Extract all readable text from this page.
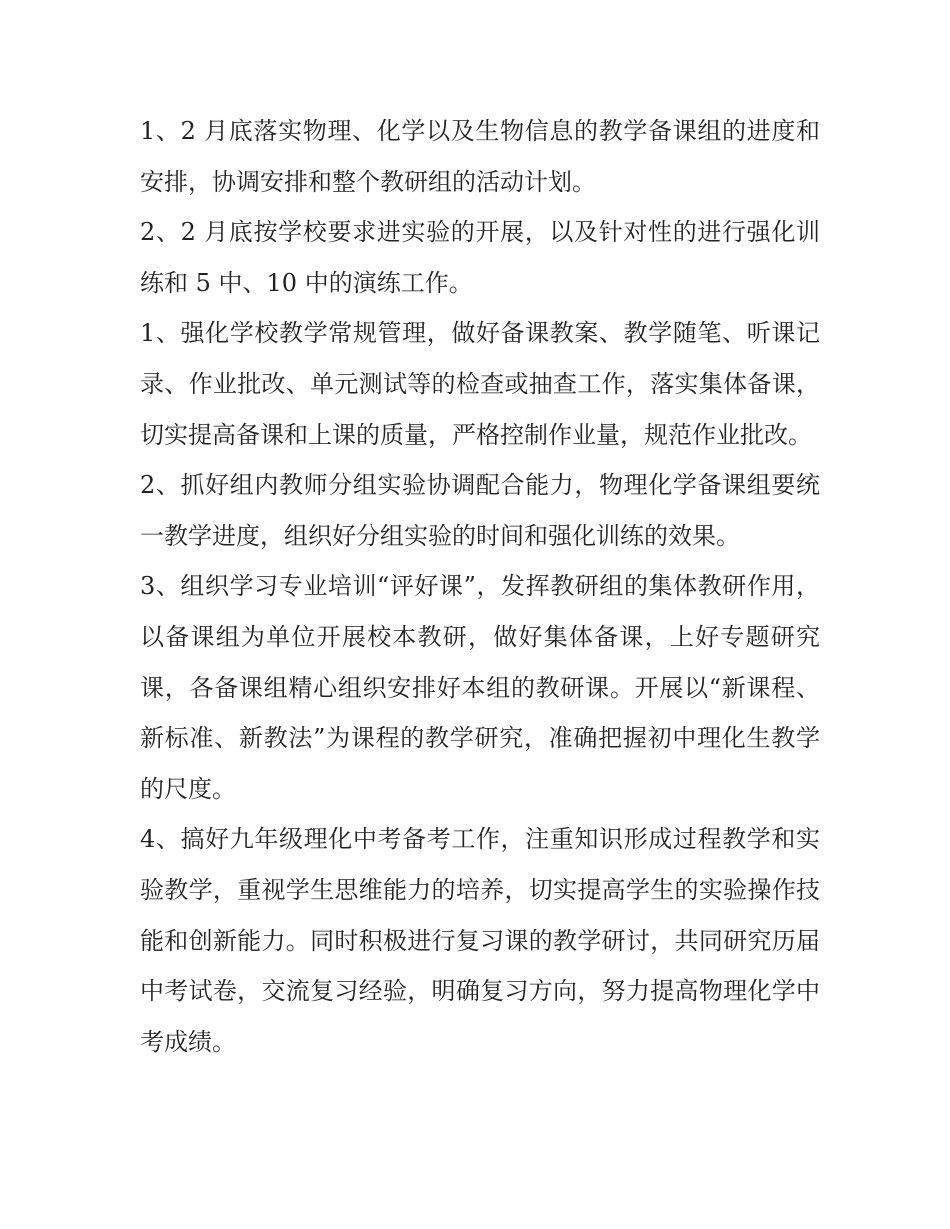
1、2 月底落实物理、化学以及生物信息的教学备课组的进度和安排，协调安排和整个教研组的活动计划。

2、2 月底按学校要求进实验的开展，以及针对性的进行强化训练和 5 中、10 中的演练工作。

1、强化学校教学常规管理，做好备课教案、教学随笔、听课记录、作业批改、单元测试等的检查或抽查工作，落实集体备课，切实提高备课和上课的质量，严格控制作业量，规范作业批改。

2、抓好组内教师分组实验协调配合能力，物理化学备课组要统一教学进度，组织好分组实验的时间和强化训练的效果。

3、组织学习专业培训“评好课”，发挥教研组的集体教研作用，以备课组为单位开展校本教研，做好集体备课，上好专题研究课，各备课组精心组织安排好本组的教研课。开展以“新课程、新标准、新教法”为课程的教学研究，准确把握初中理化生教学的尺度。

4、搞好九年级理化中考备考工作，注重知识形成过程教学和实验教学，重视学生思维能力的培养，切实提高学生的实验操作技能和创新能力。同时积极进行复习课的教学研讨，共同研究历届中考试卷，交流复习经验，明确复习方向，努力提高物理化学中考成绩。
